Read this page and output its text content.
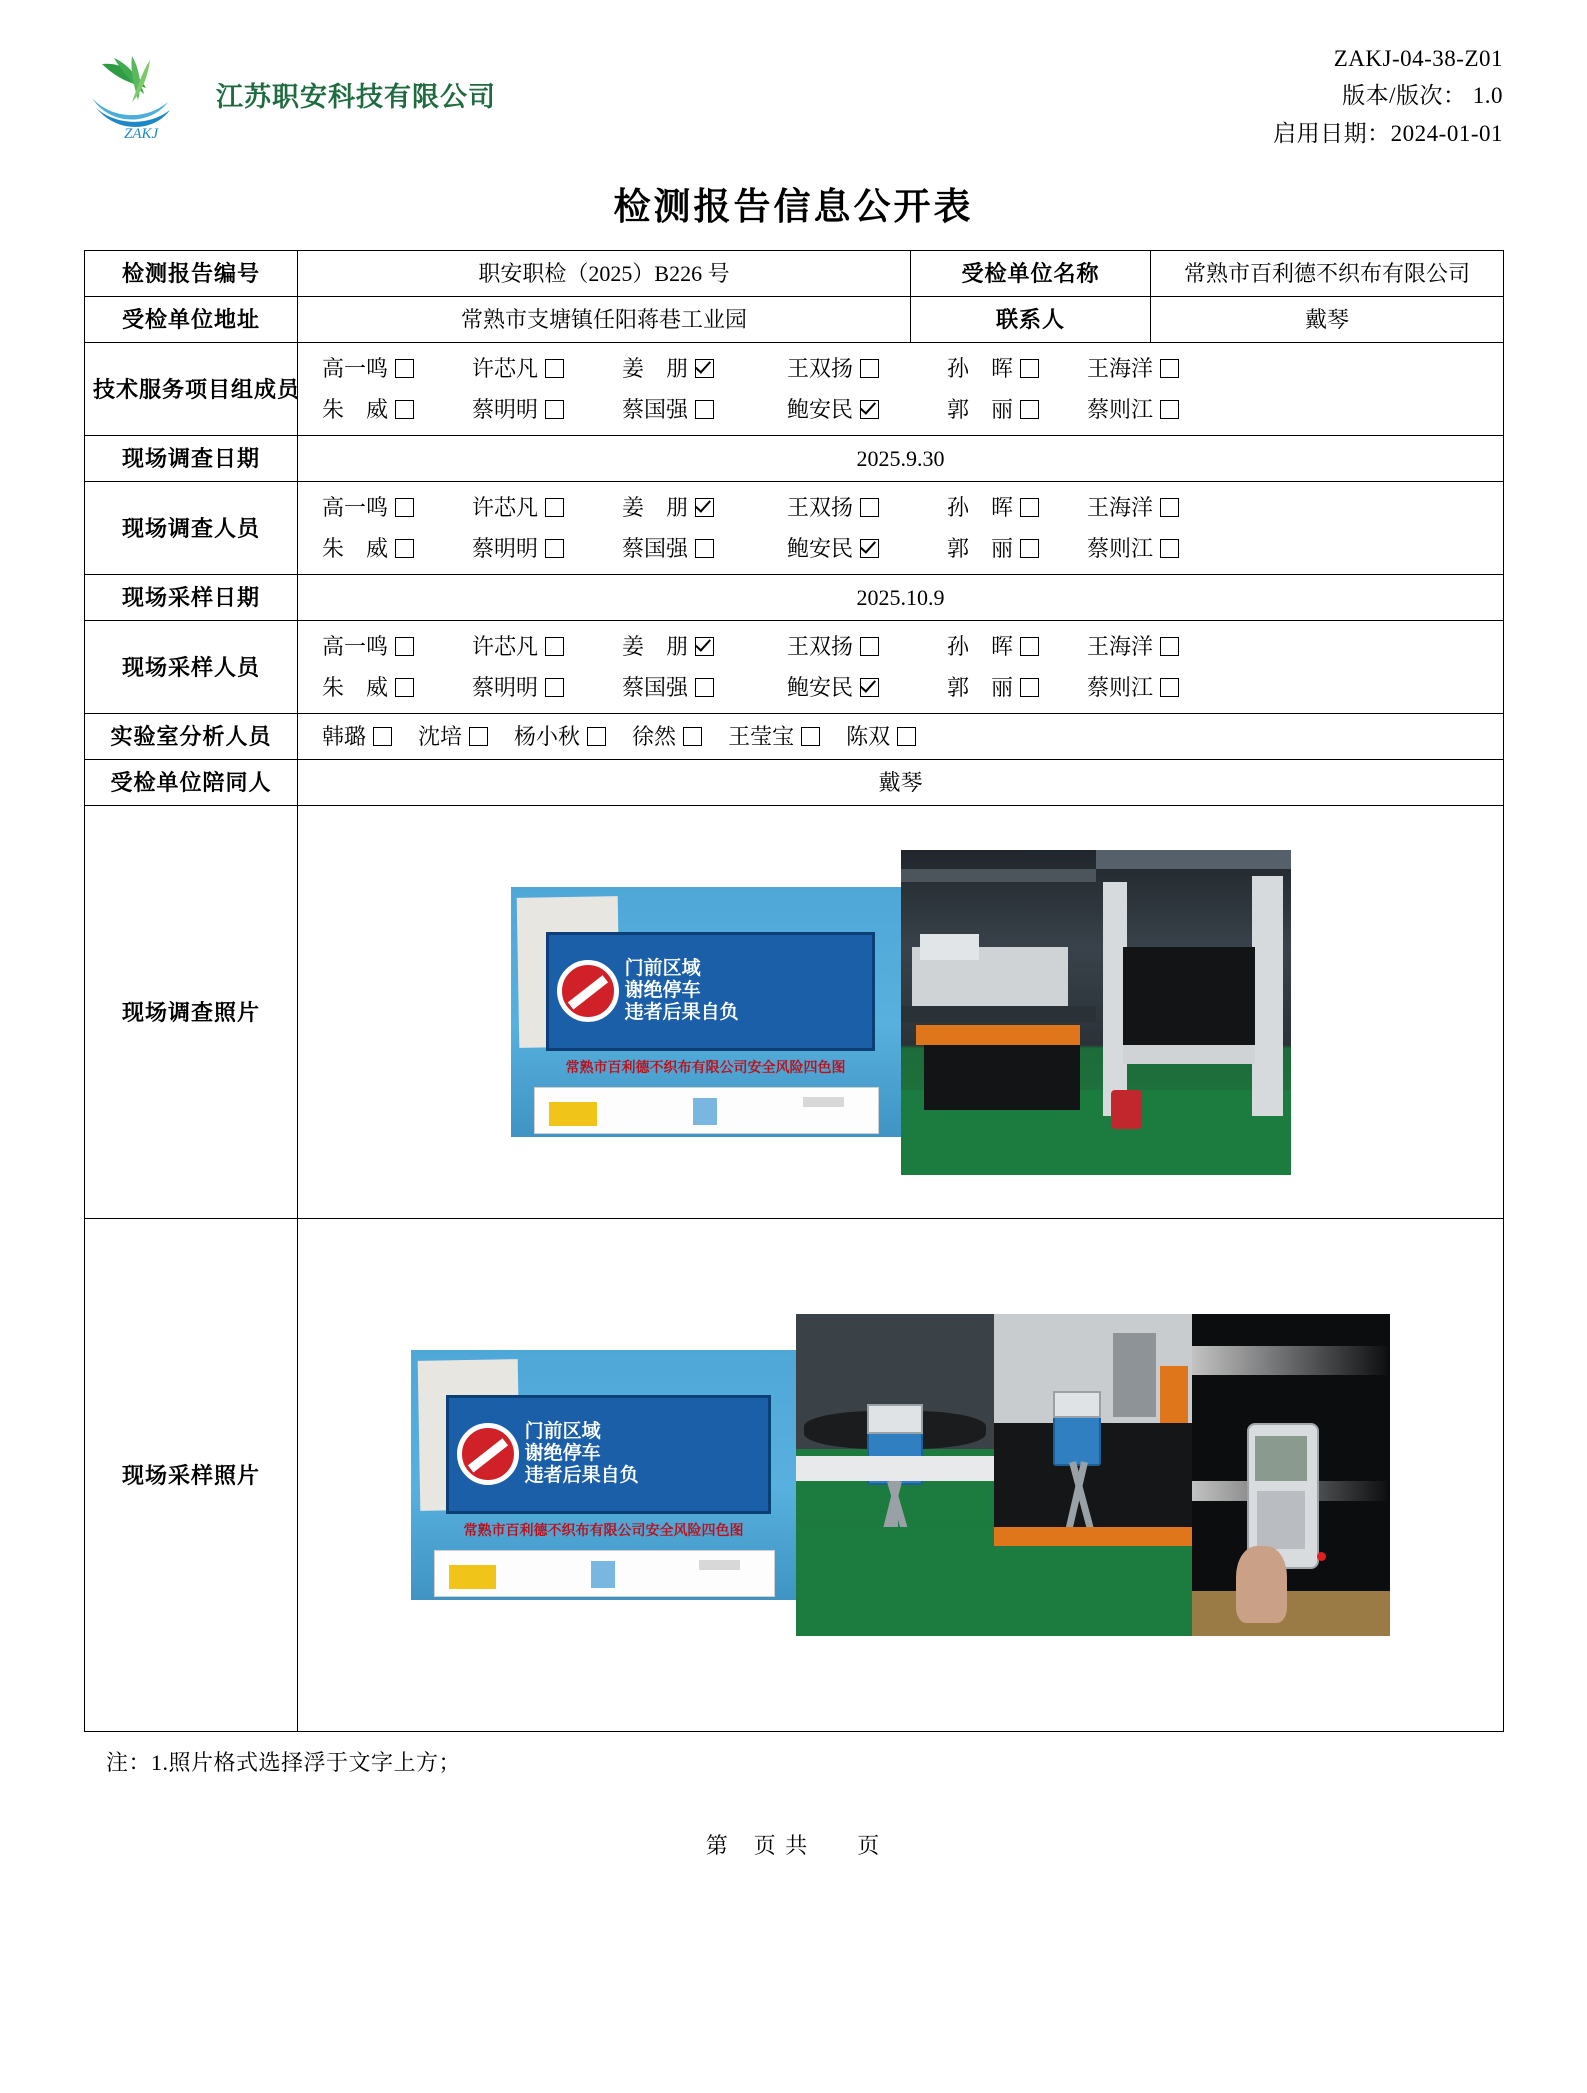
ZAKJ
江苏职安科技有限公司
ZAKJ-04-38-Z01
版本/版次： 1.0
启用日期：2024-01-01
检测报告信息公开表
检测报告编号	职安职检（2025）B226 号	受检单位名称	常熟市百利德不织布有限公司
受检单位地址	常熟市支塘镇任阳蒋巷工业园	联系人	戴琴
技术服务项目组成员	
高一鸣	许芯凡	姜　朋	王双扬	孙　晖	王海洋
朱　威	蔡明明	蔡国强	鲍安民	郭　丽	蔡则江

现场调查日期	2025.9.30		
现场调查人员	
高一鸣	许芯凡	姜　朋	王双扬	孙　晖	王海洋
朱　威	蔡明明	蔡国强	鲍安民	郭　丽	蔡则江

现场采样日期	2025.10.9		
现场采样人员	
高一鸣	许芯凡	姜　朋	王双扬	孙　晖	王海洋
朱　威	蔡明明	蔡国强	鲍安民	郭　丽	蔡则江

实验室分析人员	韩璐 沈培 杨小秋 徐然 王莹宝 陈双

受检单位陪同人	戴琴		
现场调查照片	门前区域
谢绝停车
违者后果自负
常熟市百利德不织布有限公司安全风险四色图		

现场采样照片	门前区域
谢绝停车
违者后果自负
常熟市百利德不织布有限公司安全风险四色图		
注：1.照片格式选择浮于文字上方；
第　页 共　　页
